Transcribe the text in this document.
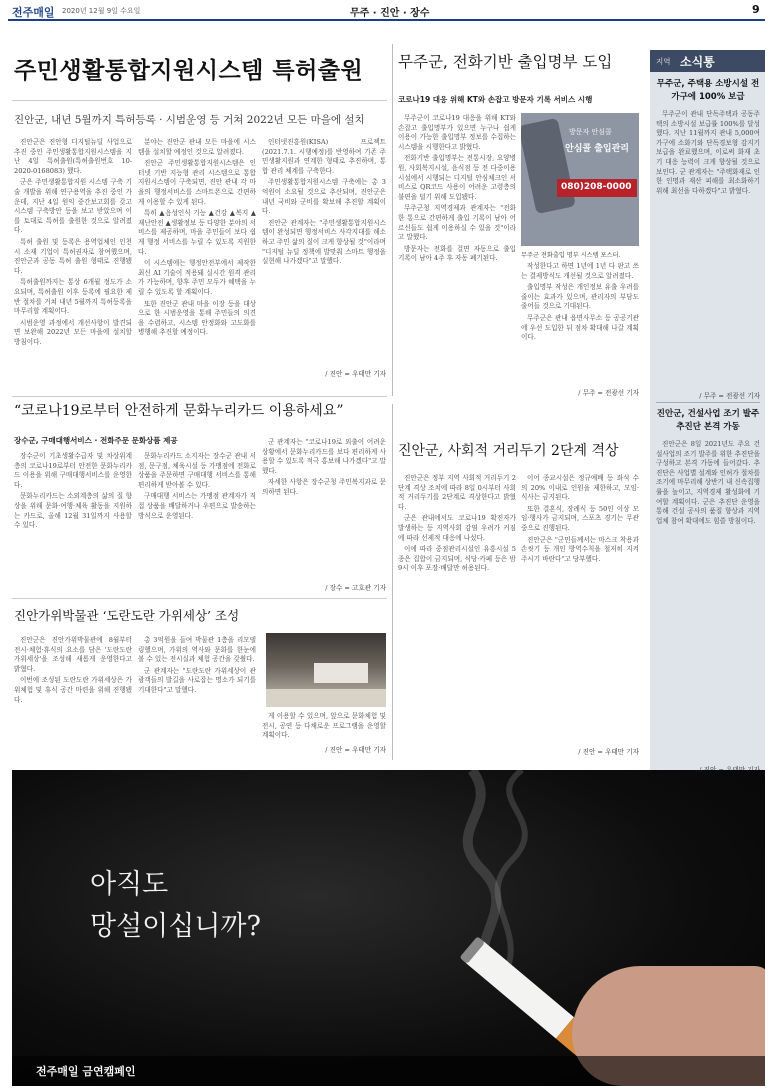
전주매일 2020년 12월 9일 수요일	무주 · 진안 · 장수	9
주민생활통합지원시스템 특허출원
진안군, 내년 5월까지 특허등록 · 시범운영 등 거쳐 2022년 모든 마을에 설치

진안군은 진안형 디지털뉴딜 사업으로 추진 중인 주민생활통합지원시스템을 지난 4일 특허출원(특허출원번호 10-2020-0168083) 했다.

군은 주민생활통합지원 시스템 구축 기술 개발을 위해 연구용역을 추진 중인 가운데, 지난 4일 원익 중간보고회를 갖고 시스템 구축방안 등을 보고 받았으며 이를 토대로 특허를 출원한 것으로 알려졌다.

특허 출원 및 등록은 용역업체인 인천시 소재 기업이 특허권자로 참여했으며, 진안군과 공동 특허 출원 형태로 진행됐다.

특허출원까지는 통상 6개월 정도가 소요되며, 특허출원 이후 등록에 필요한 제반 절차를 거쳐 내년 5월까지 특허등록을 마무리할 계획이다.

시범운영 과정에서 개선사항이 발견되면 보완해 2022년 모든 마을에 설치할 방침이다.

분야는 진안군 관내 모든 마을에 시스템을 설치할 예정인 것으로 알려졌다.

진안군 주민생활통합지원시스템은 인터넷 기반 지능형 관리 시스템으로 통합지원시스템이 구축되면, 진안 관내 각 마을의 행정서비스를 스마트폰으로 간편하게 이용할 수 있게 된다.

특히 ▲음성인식 기능 ▲건강 ▲복지 ▲재난안전 ▲생활정보 등 다양한 분야의 서비스를 제공하며, 마을 주민들이 보다 쉽게 행정 서비스를 누릴 수 있도록 지원한다.

이 시스템에는 행정안전부에서 제작한 최신 AI 기술이 적용돼 실시간 원격 관리가 가능하며, 향후 주민 모두가 혜택을 누릴 수 있도록 할 계획이다.

또한 진안군 관내 마을 이장 등을 대상으로 한 시범운영을 통해 주민들의 의견을 수렴하고, 시스템 안정화와 고도화를 병행해 추진할 예정이다.

인터넷진흥원(KISA) 프로젝트(2021.7.1. 시행예정)를 반영하여 기존 주민생활지원과 연계한 형태로 추진하며, 통합 관리 체계를 구축한다.

주민생활통합지원시스템 구축에는 총 3억원이 소요될 것으로 추산되며, 진안군은 내년 국비와 군비를 확보해 추진할 계획이다.

진안군 관계자는 "주민생활통합지원시스템이 완성되면 행정서비스 사각지대를 해소하고 주민 삶의 질이 크게 향상될 것"이라며 "디지털 뉴딜 정책에 발맞춰 스마트 행정을 실현해 나가겠다"고 말했다.

/ 진안 = 우태만 기자
무주군, 전화기반 출입명부 도입
코로나19 대응 위해 KT와 손잡고 방문자 기록 서비스 시행

무주군이 코로나19 대응을 위해 KT와 손잡고 출입명부가 있으면 누구나 쉽게 이용이 가능한 출입명부 정보를 수집하는 시스템을 시행한다고 밝혔다.

전화기반 출입명부는 전통시장, 요양병원, 사회복지시설, 음식점 등 전 다중이용시설에서 시행되는 디지털 안심체크인 서비스로 QR코드 사용이 어려운 고령층의 불편을 덜기 위해 도입됐다.

무주군청 지역경제과 관계자는 "전화 한 통으로 간편하게 출입 기록이 남아 어르신들도 쉽게 이용하실 수 있을 것"이라고 말했다.

방문자는 전화를 걸면 자동으로 출입 기록이 남아 4주 후 자동 폐기된다.

방문자 안심콜
안심콜 출입관리
080)208-0000
무주군 전화출입 명부 시스템 포스터.

작성한다고 하면 1년에 1년 다 판고 쓰는 결제방식도 개선될 것으로 알려졌다.

출입명부 작성은 개인정보 유출 우려를 줄이는 효과가 있으며, 관리자의 부담도 줄어들 것으로 기대된다.

무주군은 관내 읍면사무소 등 공공기관에 우선 도입한 뒤 점차 확대해 나갈 계획이다.

/ 무주 = 전광선 기자
지역 소식통
무주군, 주택용 소방시설 전 가구에 100% 보급

무주군이 관내 단독주택과 공동주택의 소방시설 보급률 100%를 달성했다. 지난 11월까지 관내 5,000여 가구에 소화기와 단독경보형 감지기 보급을 완료했으며, 이로써 화재 초기 대응 능력이 크게 향상될 것으로 보인다. 군 관계자는 "주택화재로 인한 인명과 재산 피해를 최소화하기 위해 최선을 다하겠다"고 밝혔다.

/ 무주 = 전광선 기자
진안군, 건설사업 조기 발주 추진단 본격 가동

진안군은 8일 2021년도 주요 건설사업의 조기 발주를 위한 추진단을 구성하고 본격 가동에 들어갔다. 추진단은 사업별 설계와 인허가 절차를 조기에 마무리해 상반기 내 신속집행률을 높이고, 지역경제 활성화에 기여할 계획이다. 군은 추진단 운영을 통해 건설 공사의 품질 향상과 지역업체 참여 확대에도 힘쓸 방침이다.

“코로나19로부터 안전하게 문화누리카드 이용하세요”
장수군, 구매대행서비스 · 전화주문 문화상품 제공

장수군이 기초생활수급자 및 차상위계층의 코로나19로부터 안전한 문화누리카드 이용을 위해 구매대행서비스를 운영한다.

문화누리카드는 소외계층의 삶의 질 향상을 위해 문화·여행·체육 활동을 지원하는 카드로, 올해 12월 31일까지 사용할 수 있다.

문화누리카드 소지자는 장수군 관내 서점, 문구점, 체육시설 등 가맹점에 전화로 상품을 주문하면 구매대행 서비스를 통해 편리하게 받아볼 수 있다.

구매대행 서비스는 가맹점 관계자가 직접 상품을 배달하거나 우편으로 발송하는 방식으로 운영된다.

군 관계자는 "코로나19로 외출이 어려운 상황에서 문화누리카드를 보다 편리하게 사용할 수 있도록 적극 홍보해 나가겠다"고 말했다.

자세한 사항은 장수군청 주민복지과로 문의하면 된다.

/ 장수 = 고호관 기자
진안가위박물관 ‘도란도란 가위세상’ 조성

진안군은 진안가위박물관에 8월부터 전시·체험·휴식의 요소를 담은 '도란도란 가위세상'을 조성해 새롭게 운영한다고 밝혔다.

이번에 조성된 도란도란 가위세상은 가위체험 및 휴식 공간 마련을 위해 진행됐다.

총 3억원을 들여 박물관 1층을 리모델링했으며, 가위의 역사와 문화를 한눈에 볼 수 있는 전시실과 체험 공간을 갖췄다.

군 관계자는 "도란도란 가위세상이 관광객들의 발길을 사로잡는 명소가 되기를 기대한다"고 말했다.

게 이용할 수 있으며, 앞으로 문화체험 및 전시, 공연 등 다채로운 프로그램을 운영할 계획이다.

/ 진안 = 우태만 기자
진안군, 사회적 거리두기 2단계 격상

진안군은 정부 지역 사회적 거리두기 2단계 격상 조치에 따라 8일 0시부터 사회적 거리두기를 2단계로 격상한다고 밝혔다.

군은 관내에서도 코로나19 확진자가 발생하는 등 지역사회 감염 우려가 커짐에 따라 선제적 대응에 나섰다.

이에 따라 중점관리시설인 유흥시설 5종은 집합이 금지되며, 식당·카페 등은 밤 9시 이후 포장·배달만 허용된다.

이어 종교시설은 정규예배 등 좌석 수의 20% 이내로 인원을 제한하고, 모임·식사는 금지된다.

또한 결혼식, 장례식 등 50인 이상 모임·행사가 금지되며, 스포츠 경기는 무관중으로 진행된다.

진안군은 "군민들께서는 마스크 착용과 손씻기 등 개인 방역수칙을 철저히 지켜주시기 바란다"고 당부했다.

/ 진안 = 우태만 기자
아직도
망설이십니까?
전주매일 금연캠페인
